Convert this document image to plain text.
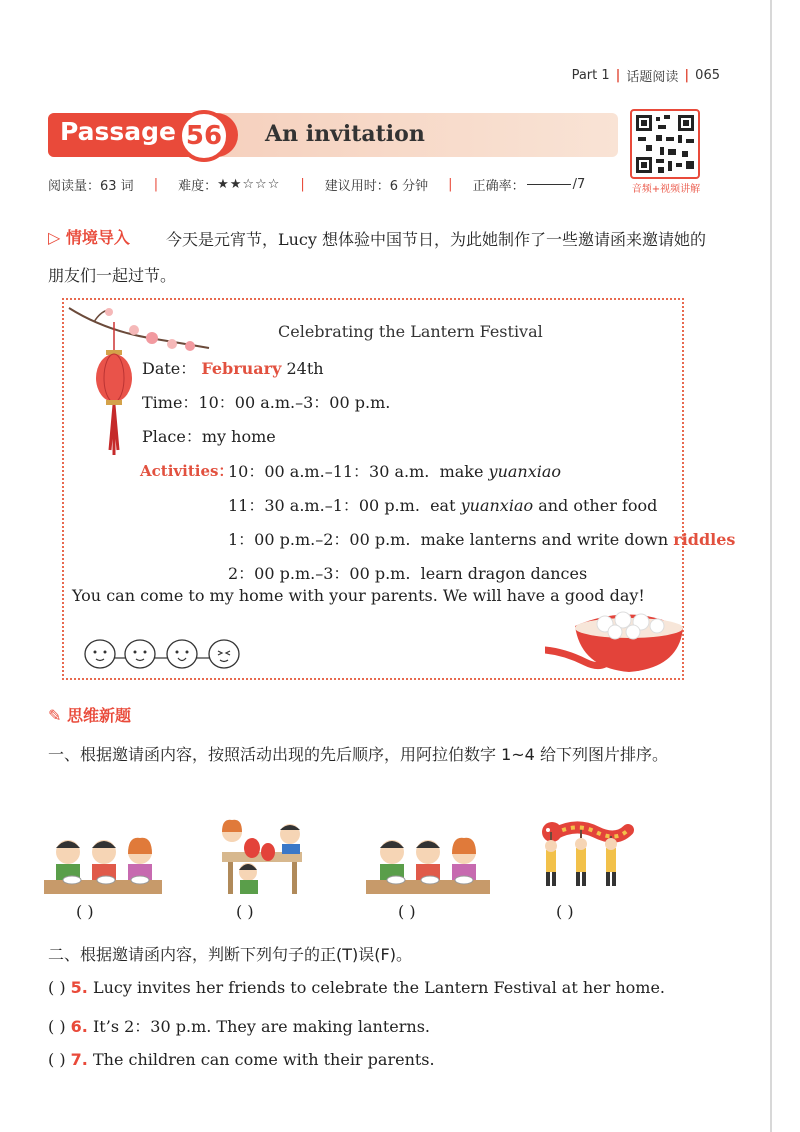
Part 1 | 话题阅读 | 065
Passage 56	An invitation
音频+视频讲解
阅读量：63 词 | 难度： ★★☆☆☆ | 建议用时：6 分钟 | 正确率：	/7
▷ 情境导入	今天是元宵节，Lucy 想体验中国节日，为此她制作了一些邀请函来邀请她的朋友们一起过节。
Celebrating the Lantern Festival
Date： February 24th
Time：10：00 a.m.–3：00 p.m.
Place：my home
Activities：
10：00 a.m.–11：30 a.m. make yuanxiao
11：30 a.m.–1：00 p.m. eat yuanxiao and other food
1：00 p.m.–2：00 p.m. make lanterns and write down riddles
2：00 p.m.–3：00 p.m. learn dragon dances
You can come to my home with your parents. We will have a good day!
✎ 思维新题
一、根据邀请函内容，按照活动出现的先后顺序，用阿拉伯数字 1~4 给下列图片排序。
( )	( )	( )	( )
二、根据邀请函内容，判断下列句子的正(T)误(F)。
( ) 5. Lucy invites her friends to celebrate the Lantern Festival at her home.
( ) 6. It’s 2：30 p.m. They are making lanterns.
( ) 7. The children can come with their parents.
